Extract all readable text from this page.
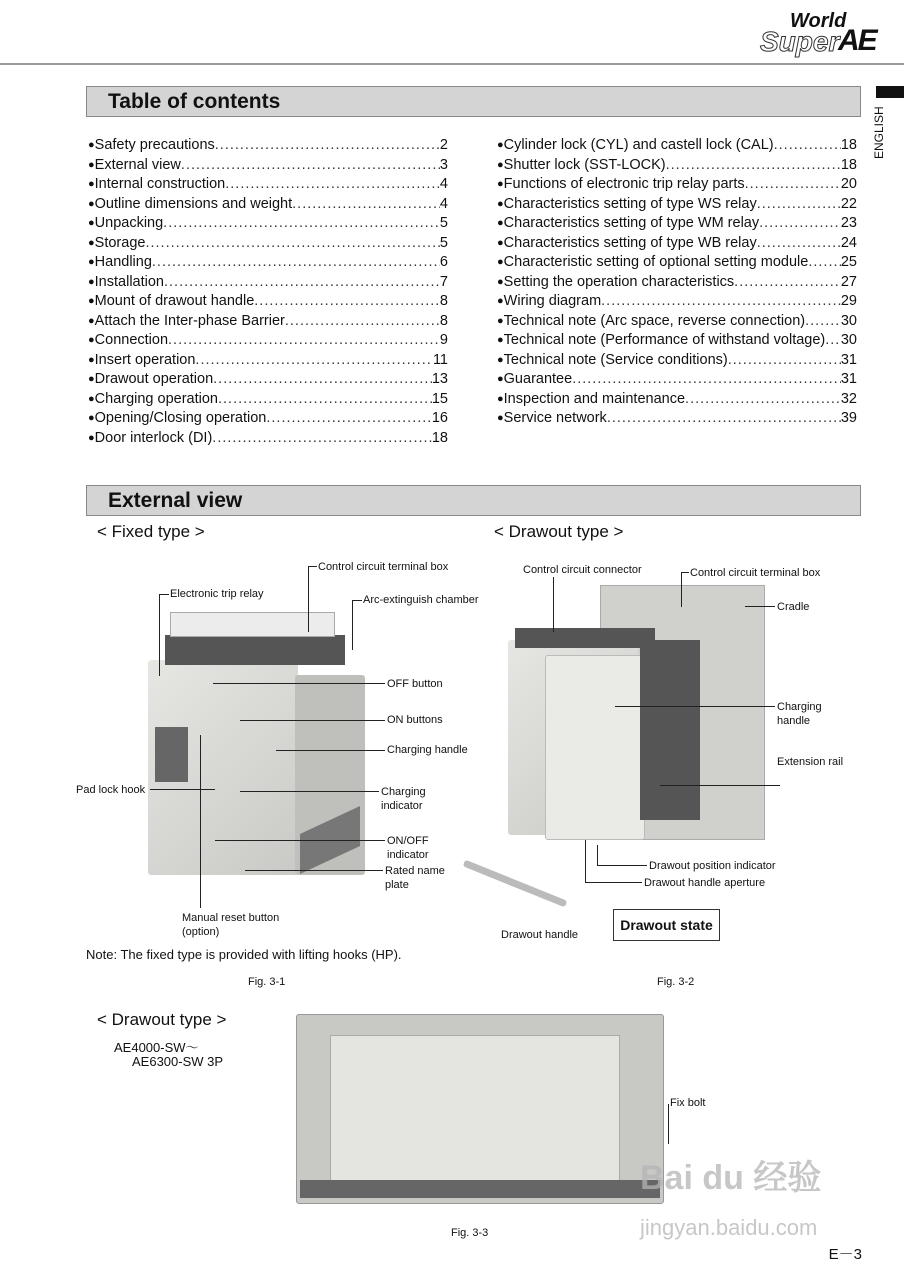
World
Super
AE
ENGLISH
Table of contents
● Safety precautions .....	2
● External view .....	3
● Internal construction .....	4
● Outline dimensions and weight .....	4
● Unpacking .....	5
● Storage .....	5
● Handling .....	6
● Installation .....	7
● Mount of drawout handle .....	8
● Attach the Inter-phase Barrier .....	8
● Connection .....	9
● Insert operation .....	11
● Drawout operation .....	13
● Charging operation .....	15
● Opening/Closing operation .....	16
● Door interlock (DI) .....	18
● Cylinder lock (CYL) and castell lock (CAL) .....	18
● Shutter lock (SST-LOCK) .....	18
● Functions of electronic trip relay parts .....	20
● Characteristics setting of type WS relay .....	22
● Characteristics setting of type WM relay .....	23
● Characteristics setting of type WB relay .....	24
● Characteristic setting of optional setting module ..... 25
● Setting the operation characteristics .....	27
● Wiring diagram .....	29
● Technical note (Arc space, reverse connection) ..... 30
● Technical note (Performance of withstand voltage) ..... 30
● Technical note (Service conditions) .....	31
● Guarantee .....	31
● Inspection and maintenance .....	32
● Service network .....	39
External view
< Fixed type >	< Drawout type >
Control circuit terminal box
Electronic trip relay	Arc-extinguish chamber
OFF button
ON buttons
Charging handle
Pad lock hook	Charging
indicator
ON/OFF
indicator
Rated name
plate
Manual reset button
(option)
Note: The fixed type is provided with lifting hooks (HP).
Fig. 3-1
Control circuit connector	Control circuit terminal box
Cradle
Charging
handle
Extension rail
Drawout position indicator
Drawout handle aperture
Drawout handle
Drawout state
Fig. 3-2
< Drawout type >
AE4000-SW～
AE6300-SW 3P
Fix bolt
Fig. 3-3
Bai du 经验
jingyan.baidu.com
E－3
